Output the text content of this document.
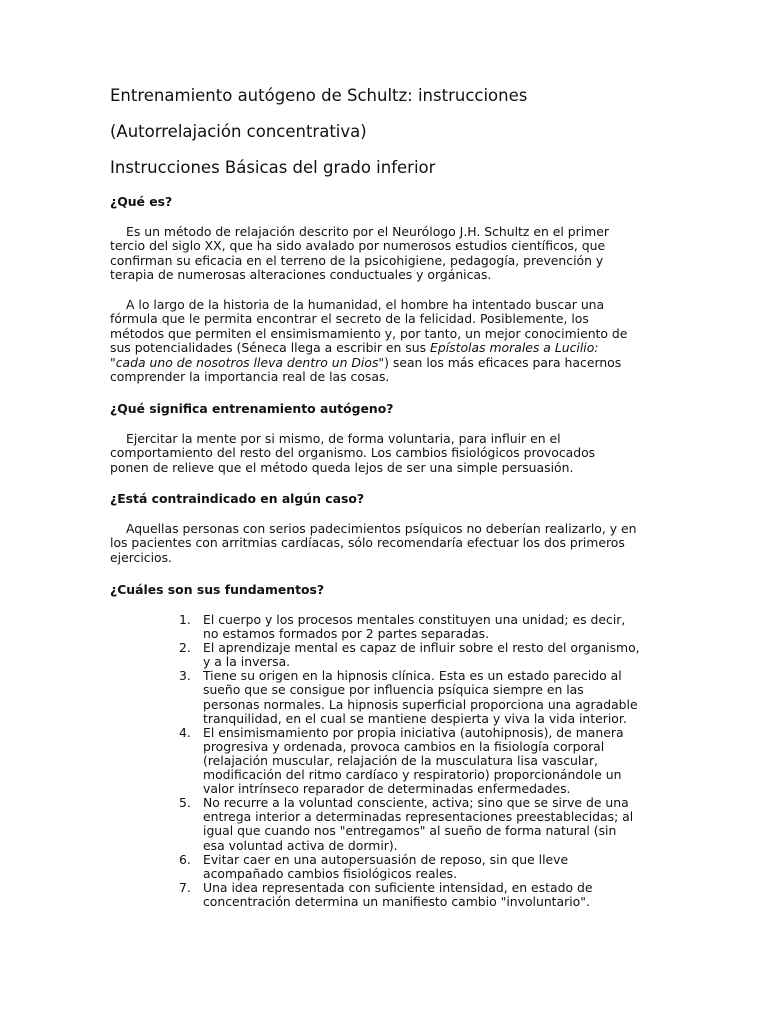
Entrenamiento autógeno de Schultz: instrucciones
(Autorrelajación concentrativa)
Instrucciones Básicas del grado inferior
¿Qué es?

Es un método de relajación descrito por el Neurólogo J.H. Schultz en el primer
tercio del siglo XX, que ha sido avalado por numerosos estudios científicos, que
confirman su eficacia en el terreno de la psicohigiene, pedagogía, prevención y
terapia de numerosas alteraciones conductuales y orgánicas.

A lo largo de la historia de la humanidad, el hombre ha intentado buscar una
fórmula que le permita encontrar el secreto de la felicidad. Posiblemente, los
métodos que permiten el ensimismamiento y, por tanto, un mejor conocimiento de
sus potencialidades (Séneca llega a escribir en sus Epístolas morales a Lucilio:
"cada uno de nosotros lleva dentro un Dios") sean los más eficaces para hacernos
comprender la importancia real de las cosas.

¿Qué significa entrenamiento autógeno?

Ejercitar la mente por si mismo, de forma voluntaria, para influir en el
comportamiento del resto del organismo. Los cambios fisiológicos provocados
ponen de relieve que el método queda lejos de ser una simple persuasión.

¿Está contraindicado en algún caso?

Aquellas personas con serios padecimientos psíquicos no deberían realizarlo, y en
los pacientes con arritmias cardíacas, sólo recomendaría efectuar los dos primeros
ejercicios.

¿Cuáles son sus fundamentos?
1. El cuerpo y los procesos mentales constituyen una unidad; es decir,
no estamos formados por 2 partes separadas.
2. El aprendizaje mental es capaz de influir sobre el resto del organismo,
y a la inversa.
3. Tiene su origen en la hipnosis clínica. Esta es un estado parecido al
sueño que se consigue por influencia psíquica siempre en las
personas normales. La hipnosis superficial proporciona una agradable
tranquilidad, en el cual se mantiene despierta y viva la vida interior.
4. El ensimismamiento por propia iniciativa (autohipnosis), de manera
progresiva y ordenada, provoca cambios en la fisiología corporal
(relajación muscular, relajación de la musculatura lisa vascular,
modificación del ritmo cardíaco y respiratorio) proporcionándole un
valor intrínseco reparador de determinadas enfermedades.
5. No recurre a la voluntad consciente, activa; sino que se sirve de una
entrega interior a determinadas representaciones preestablecidas; al
igual que cuando nos "entregamos" al sueño de forma natural (sin
esa voluntad activa de dormir).
6. Evitar caer en una autopersuasión de reposo, sin que lleve
acompañado cambios fisiológicos reales.
7. Una idea representada con suficiente intensidad, en estado de
concentración determina un manifiesto cambio "involuntario".
